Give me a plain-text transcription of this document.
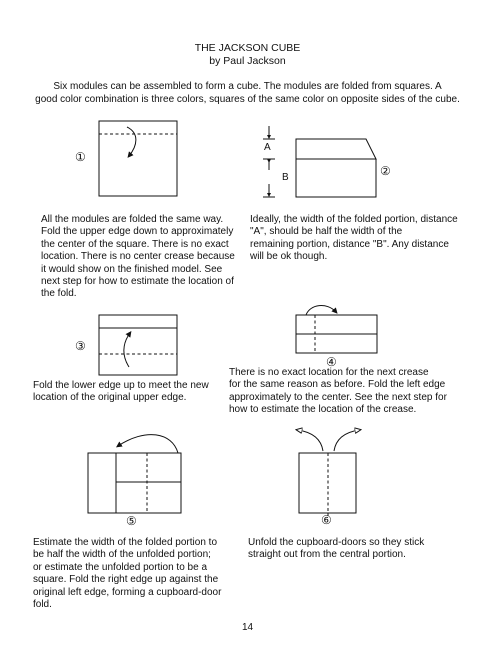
THE JACKSON CUBE
by Paul Jackson
Six modules can be assembled to form a cube. The modules are folded from squares. A
good color combination is three colors, squares of the same color on opposite sides of the cube.
①
②
A
B
③
④
⑤	⑥
All the modules are folded the same way.
Fold the upper edge down to approximately
the center of the square. There is no exact
location. There is no center crease because
it would show on the finished model. See
next step for how to estimate the location of
the fold.
Ideally, the width of the folded portion, distance
"A", should be half the width of the
remaining portion, distance "B". Any distance
will be ok though.
Fold the lower edge up to meet the new
location of the original upper edge.
There is no exact location for the next crease
for the same reason as before. Fold the left edge
approximately to the center. See the next step for
how to estimate the location of the crease.
Estimate the width of the folded portion to
be half the width of the unfolded portion;
or estimate the unfolded portion to be a
square. Fold the right edge up against the
original left edge, forming a cupboard-door
fold.
Unfold the cupboard-doors so they stick
straight out from the central portion.
14
